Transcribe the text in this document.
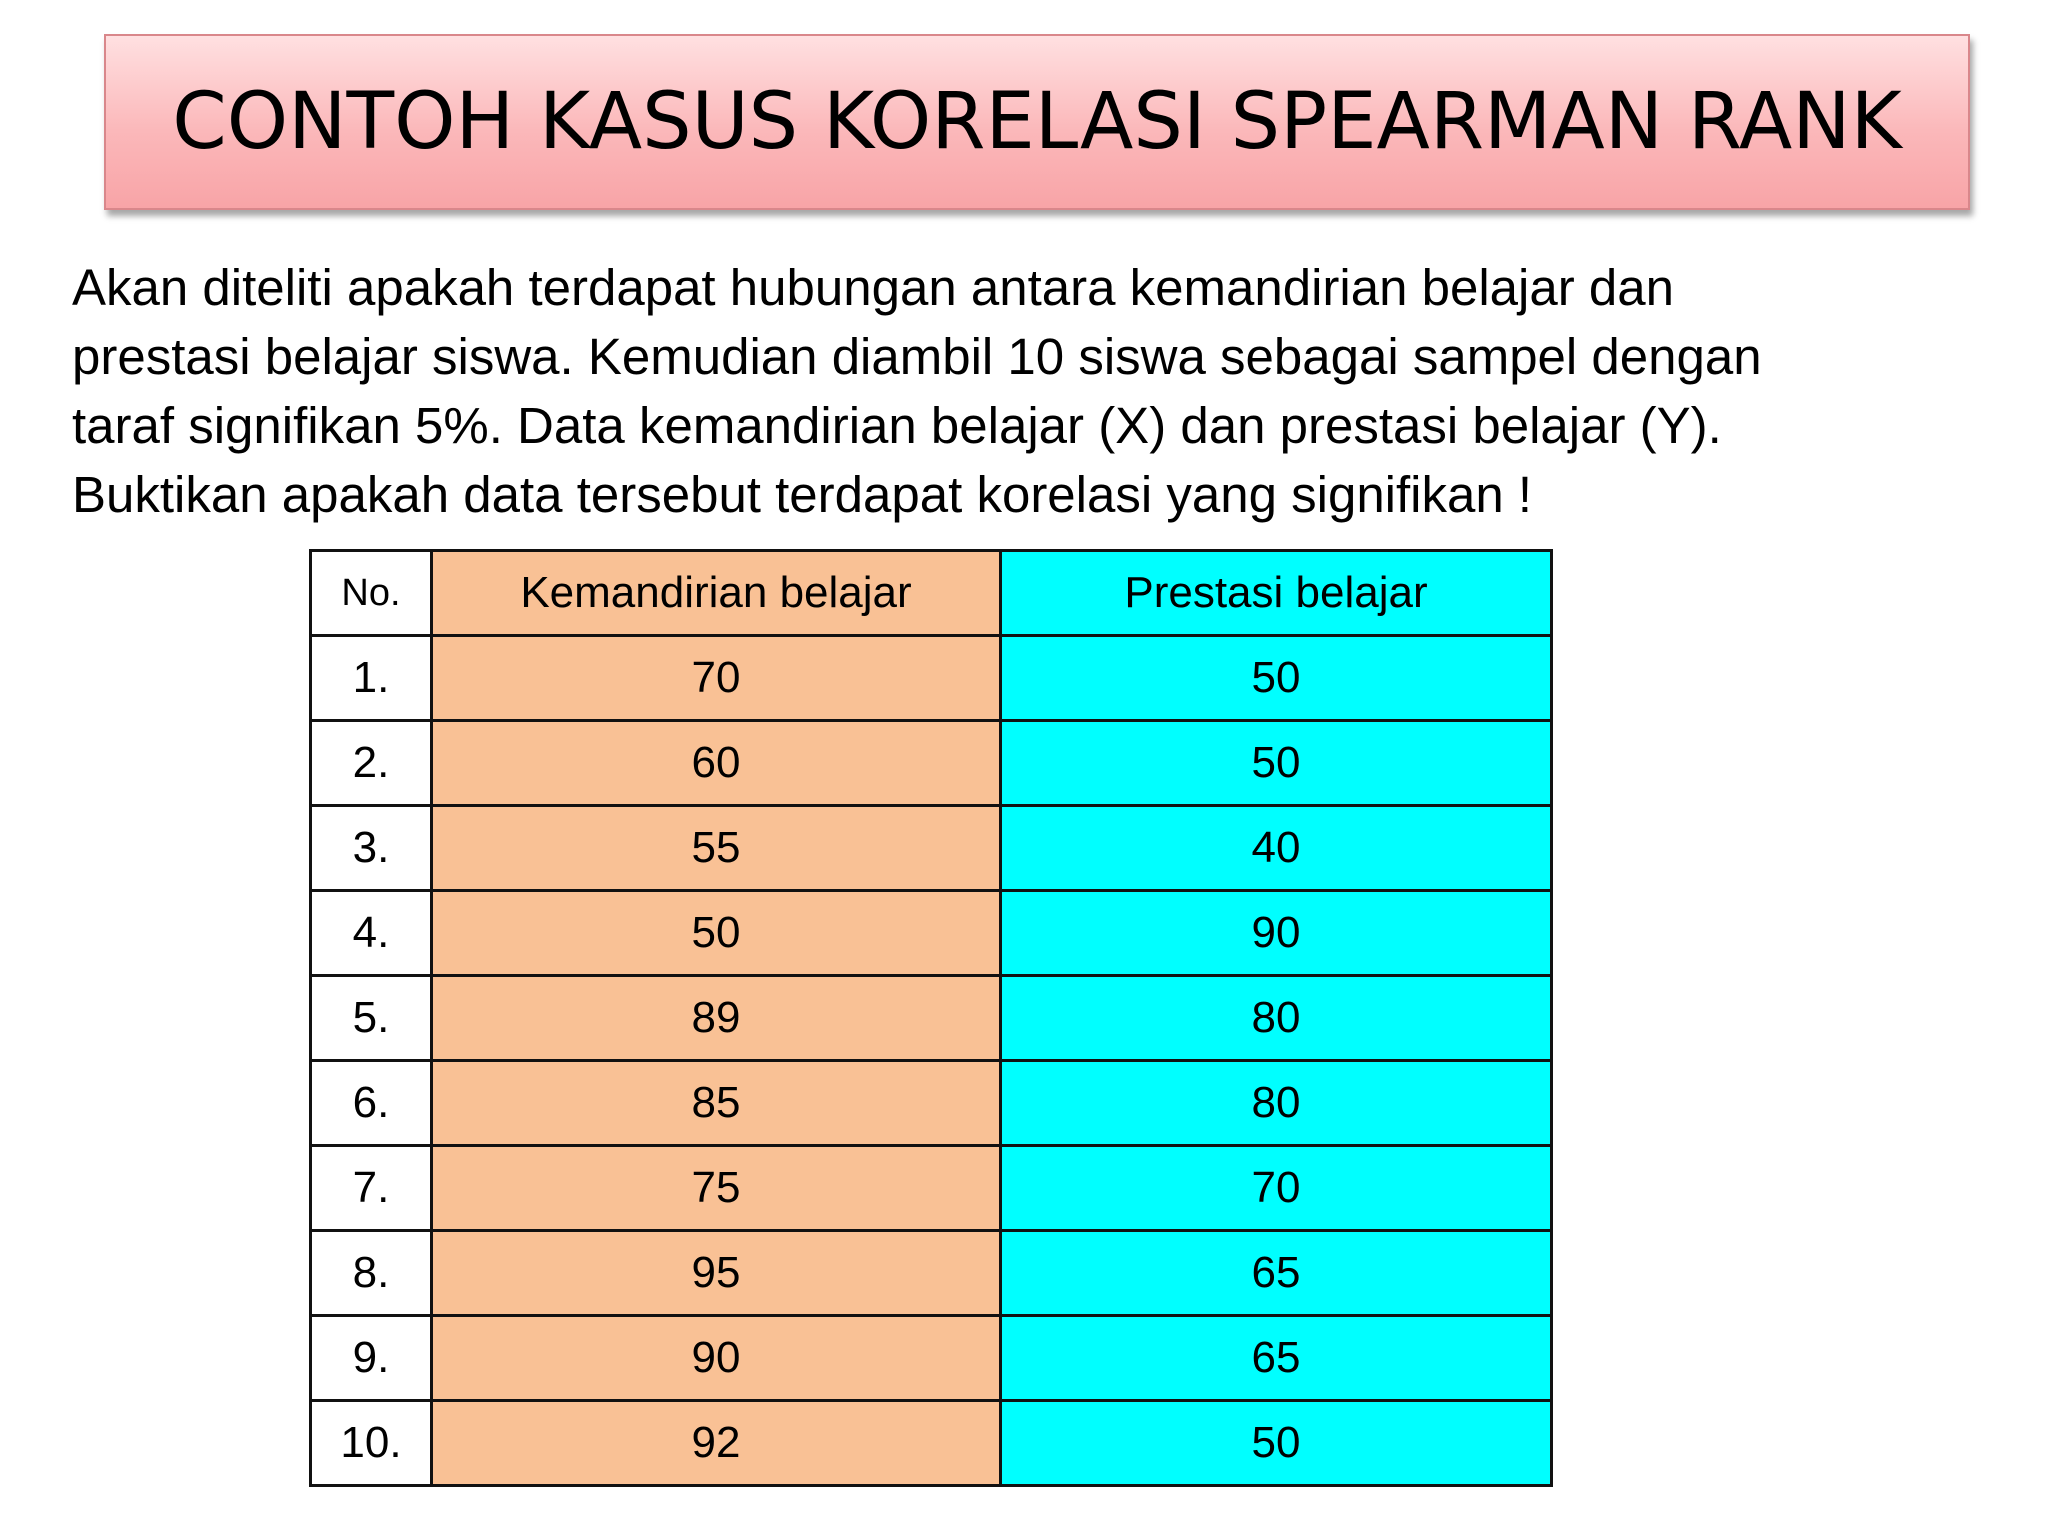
CONTOH KASUS KORELASI SPEARMAN RANK

Akan diteliti apakah terdapat hubungan antara kemandirian belajar dan
prestasi belajar siswa. Kemudian diambil 10 siswa sebagai sampel dengan
taraf signifikan 5%. Data kemandirian belajar (X) dan prestasi belajar (Y).
Buktikan apakah data tersebut terdapat korelasi yang signifikan !

No.	Kemandirian belajar	Prestasi belajar
1.	70	50
2.	60	50
3.	55	40
4.	50	90
5.	89	80
6.	85	80
7.	75	70
8.	95	65
9.	90	65
10.	92	50
